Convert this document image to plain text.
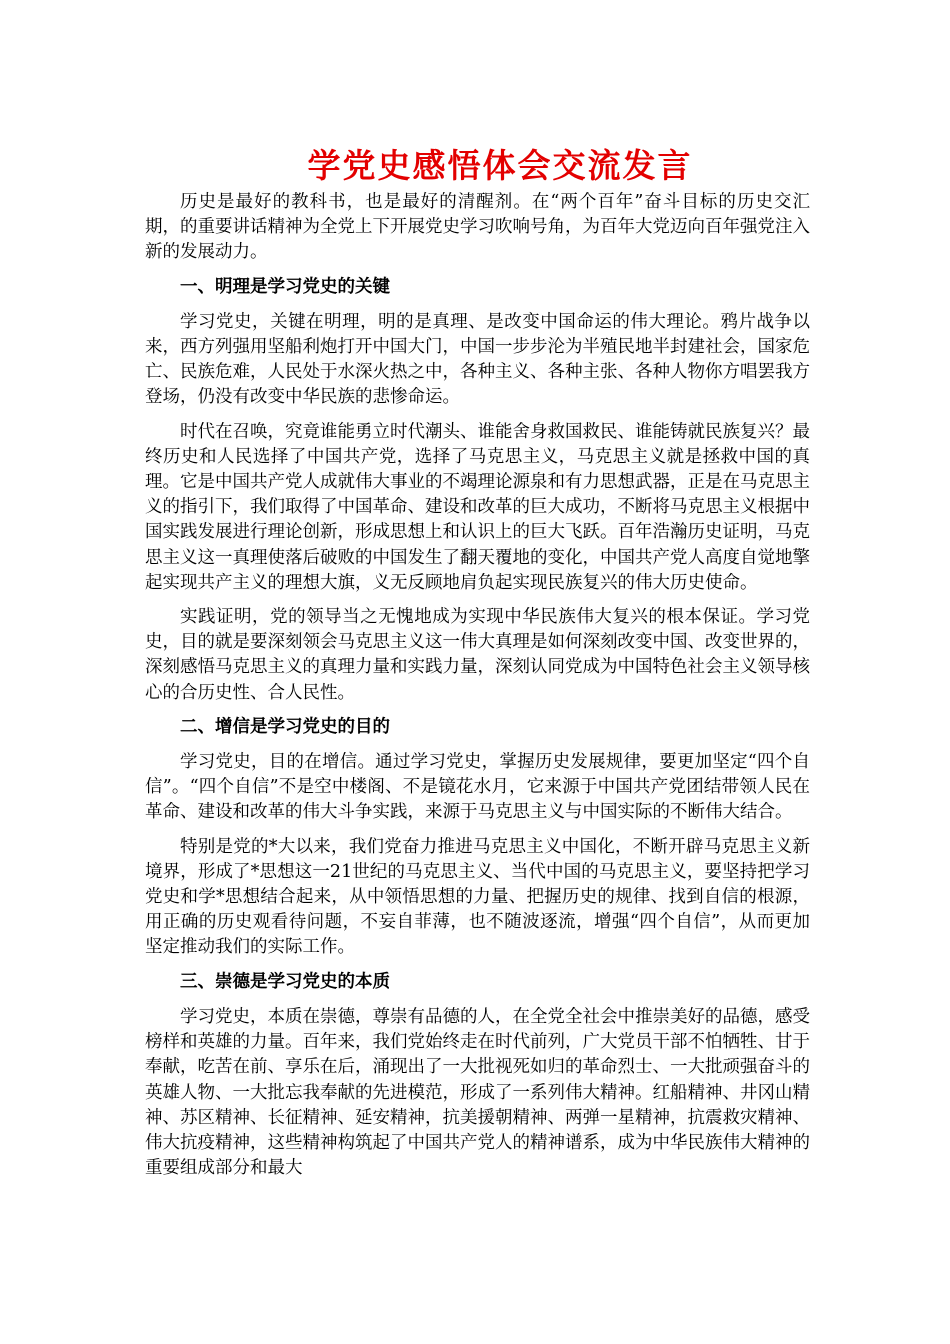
学党史感悟体会交流发言

历史是最好的教科书，也是最好的清醒剂。在“两个百年”奋斗目标的历史交汇期，的重要讲话精神为全党上下开展党史学习吹响号角，为百年大党迈向百年强党注入新的发展动力。

一、明理是学习党史的关键

学习党史，关键在明理，明的是真理、是改变中国命运的伟大理论。鸦片战争以来，西方列强用坚船利炮打开中国大门，中国一步步沦为半殖民地半封建社会，国家危亡、民族危难，人民处于水深火热之中，各种主义、各种主张、各种人物你方唱罢我方登场，仍没有改变中华民族的悲惨命运。

时代在召唤，究竟谁能勇立时代潮头、谁能舍身救国救民、谁能铸就民族复兴？最终历史和人民选择了中国共产党，选择了马克思主义，马克思主义就是拯救中国的真理。它是中国共产党人成就伟大事业的不竭理论源泉和有力思想武器，正是在马克思主义的指引下，我们取得了中国革命、建设和改革的巨大成功，不断将马克思主义根据中国实践发展进行理论创新，形成思想上和认识上的巨大飞跃。百年浩瀚历史证明，马克思主义这一真理使落后破败的中国发生了翻天覆地的变化，中国共产党人高度自觉地擎起实现共产主义的理想大旗，义无反顾地肩负起实现民族复兴的伟大历史使命。

实践证明，党的领导当之无愧地成为实现中华民族伟大复兴的根本保证。学习党史，目的就是要深刻领会马克思主义这一伟大真理是如何深刻改变中国、改变世界的，深刻感悟马克思主义的真理力量和实践力量，深刻认同党成为中国特色社会主义领导核心的合历史性、合人民性。

二、增信是学习党史的目的

学习党史，目的在增信。通过学习党史，掌握历史发展规律，要更加坚定“四个自信”。“四个自信”不是空中楼阁、不是镜花水月，它来源于中国共产党团结带领人民在革命、建设和改革的伟大斗争实践，来源于马克思主义与中国实际的不断伟大结合。

特别是党的*大以来，我们党奋力推进马克思主义中国化，不断开辟马克思主义新境界，形成了*思想这一21世纪的马克思主义、当代中国的马克思主义，要坚持把学习党史和学*思想结合起来，从中领悟思想的力量、把握历史的规律、找到自信的根源，用正确的历史观看待问题，不妄自菲薄，也不随波逐流，增强“四个自信”，从而更加坚定推动我们的实际工作。

三、崇德是学习党史的本质

学习党史，本质在崇德，尊崇有品德的人，在全党全社会中推崇美好的品德，感受榜样和英雄的力量。百年来，我们党始终走在时代前列，广大党员干部不怕牺牲、甘于奉献，吃苦在前、享乐在后，涌现出了一大批视死如归的革命烈士、一大批顽强奋斗的英雄人物、一大批忘我奉献的先进模范，形成了一系列伟大精神。红船精神、井冈山精神、苏区精神、长征精神、延安精神，抗美援朝精神、两弹一星精神，抗震救灾精神、伟大抗疫精神，这些精神构筑起了中国共产党人的精神谱系，成为中华民族伟大精神的重要组成部分和最大
